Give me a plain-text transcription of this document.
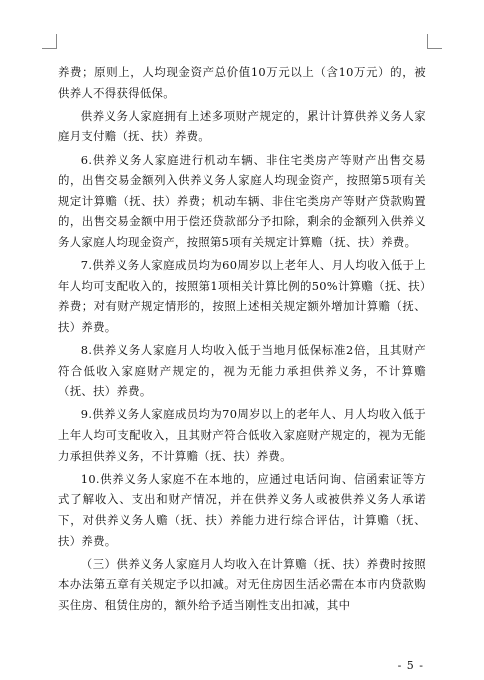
养费；原则上，人均现金资产总价值10万元以上（含10万元）的，被供养人不得获得低保。

供养义务人家庭拥有上述多项财产规定的，累计计算供养义务人家庭月支付赡（抚、扶）养费。

6.供养义务人家庭进行机动车辆、非住宅类房产等财产出售交易的，出售交易金额列入供养义务人家庭人均现金资产，按照第5项有关规定计算赡（抚、扶）养费；机动车辆、非住宅类房产等财产贷款购置的，出售交易金额中用于偿还贷款部分予扣除，剩余的金额列入供养义务人家庭人均现金资产，按照第5项有关规定计算赡（抚、扶）养费。

7.供养义务人家庭成员均为60周岁以上老年人、月人均收入低于上年人均可支配收入的，按照第1项相关计算比例的50%计算赡（抚、扶）养费；对有财产规定情形的，按照上述相关规定额外增加计算赡（抚、扶）养费。

8.供养义务人家庭月人均收入低于当地月低保标准2倍，且其财产符合低收入家庭财产规定的，视为无能力承担供养义务，不计算赡（抚、扶）养费。

9.供养义务人家庭成员均为70周岁以上的老年人、月人均收入低于上年人均可支配收入，且其财产符合低收入家庭财产规定的，视为无能力承担供养义务，不计算赡（抚、扶）养费。

10.供养义务人家庭不在本地的，应通过电话问询、信函索证等方式了解收入、支出和财产情况，并在供养义务人或被供养义务人承诺下，对供养义务人赡（抚、扶）养能力进行综合评估，计算赡（抚、扶）养费。

（三）供养义务人家庭月人均收入在计算赡（抚、扶）养费时按照本办法第五章有关规定予以扣减。对无住房因生活必需在本市内贷款购买住房、租赁住房的，额外给予适当刚性支出扣减，其中

- 5 -
